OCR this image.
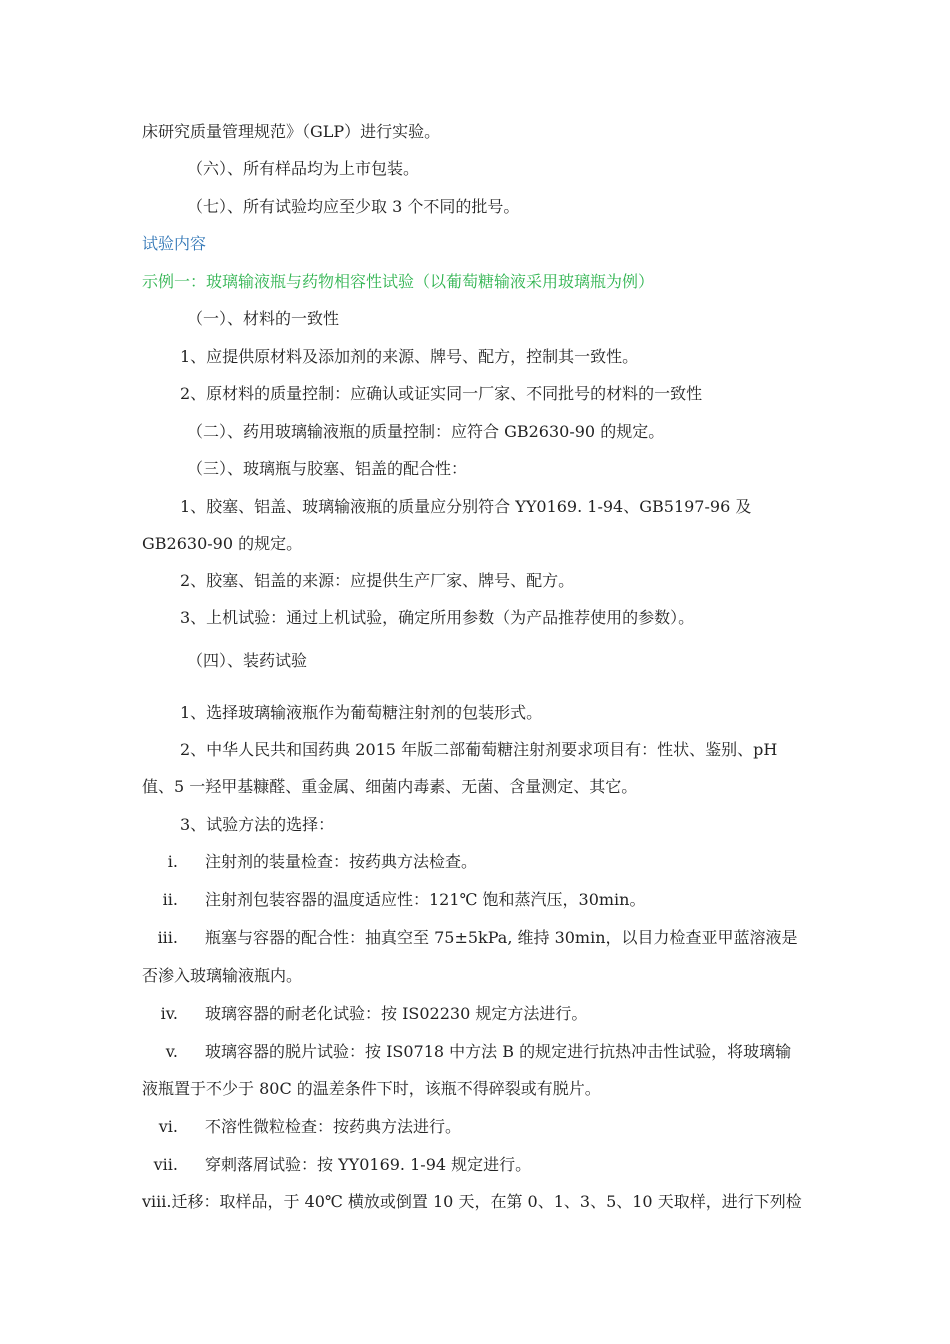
床研究质量管理规范》（GLP）进行实验。
（六）、所有样品均为上市包装。
（七）、所有试验均应至少取 3 个不同的批号。
试验内容
示例一：玻璃输液瓶与药物相容性试验（以葡萄糖输液采用玻璃瓶为例）
（一）、材料的一致性
1、应提供原材料及添加剂的来源、牌号、配方，控制其一致性。
2、原材料的质量控制：应确认或证实同一厂家、不同批号的材料的一致性
（二）、药用玻璃输液瓶的质量控制：应符合 GB2630-90 的规定。
（三）、玻璃瓶与胶塞、铝盖的配合性：
1、胶塞、铝盖、玻璃输液瓶的质量应分别符合 YY0169. 1-94、GB5197-96 及
GB2630-90 的规定。
2、胶塞、铝盖的来源：应提供生产厂家、牌号、配方。
3、上机试验：通过上机试验，确定所用参数（为产品推荐使用的参数）。
（四）、装药试验
1、选择玻璃输液瓶作为葡萄糖注射剂的包装形式。
2、中华人民共和国药典 2015 年版二部葡萄糖注射剂要求项目有：性状、鉴别、pH
值、5 一羟甲基糠醛、重金属、细菌内毒素、无菌、含量测定、其它。
3、试验方法的选择：
i. 注射剂的装量检查：按药典方法检查。
ii. 注射剂包装容器的温度适应性：121℃ 饱和蒸汽压，30min。
iii. 瓶塞与容器的配合性：抽真空至 75±5kPa, 维持 30min，以目力检查亚甲蓝溶液是
否渗入玻璃输液瓶内。
iv. 玻璃容器的耐老化试验：按 IS02230 规定方法进行。
v. 玻璃容器的脱片试验：按 IS0718 中方法 B 的规定进行抗热冲击性试验，将玻璃输
液瓶置于不少于 80C 的温差条件下时，该瓶不得碎裂或有脱片。
vi. 不溶性微粒检查：按药典方法进行。
vii. 穿刺落屑试验：按 YY0169. 1-94 规定进行。
viii.迁移：取样品，于 40℃ 横放或倒置 10 天，在第 0、1、3、5、10 天取样，进行下列检
